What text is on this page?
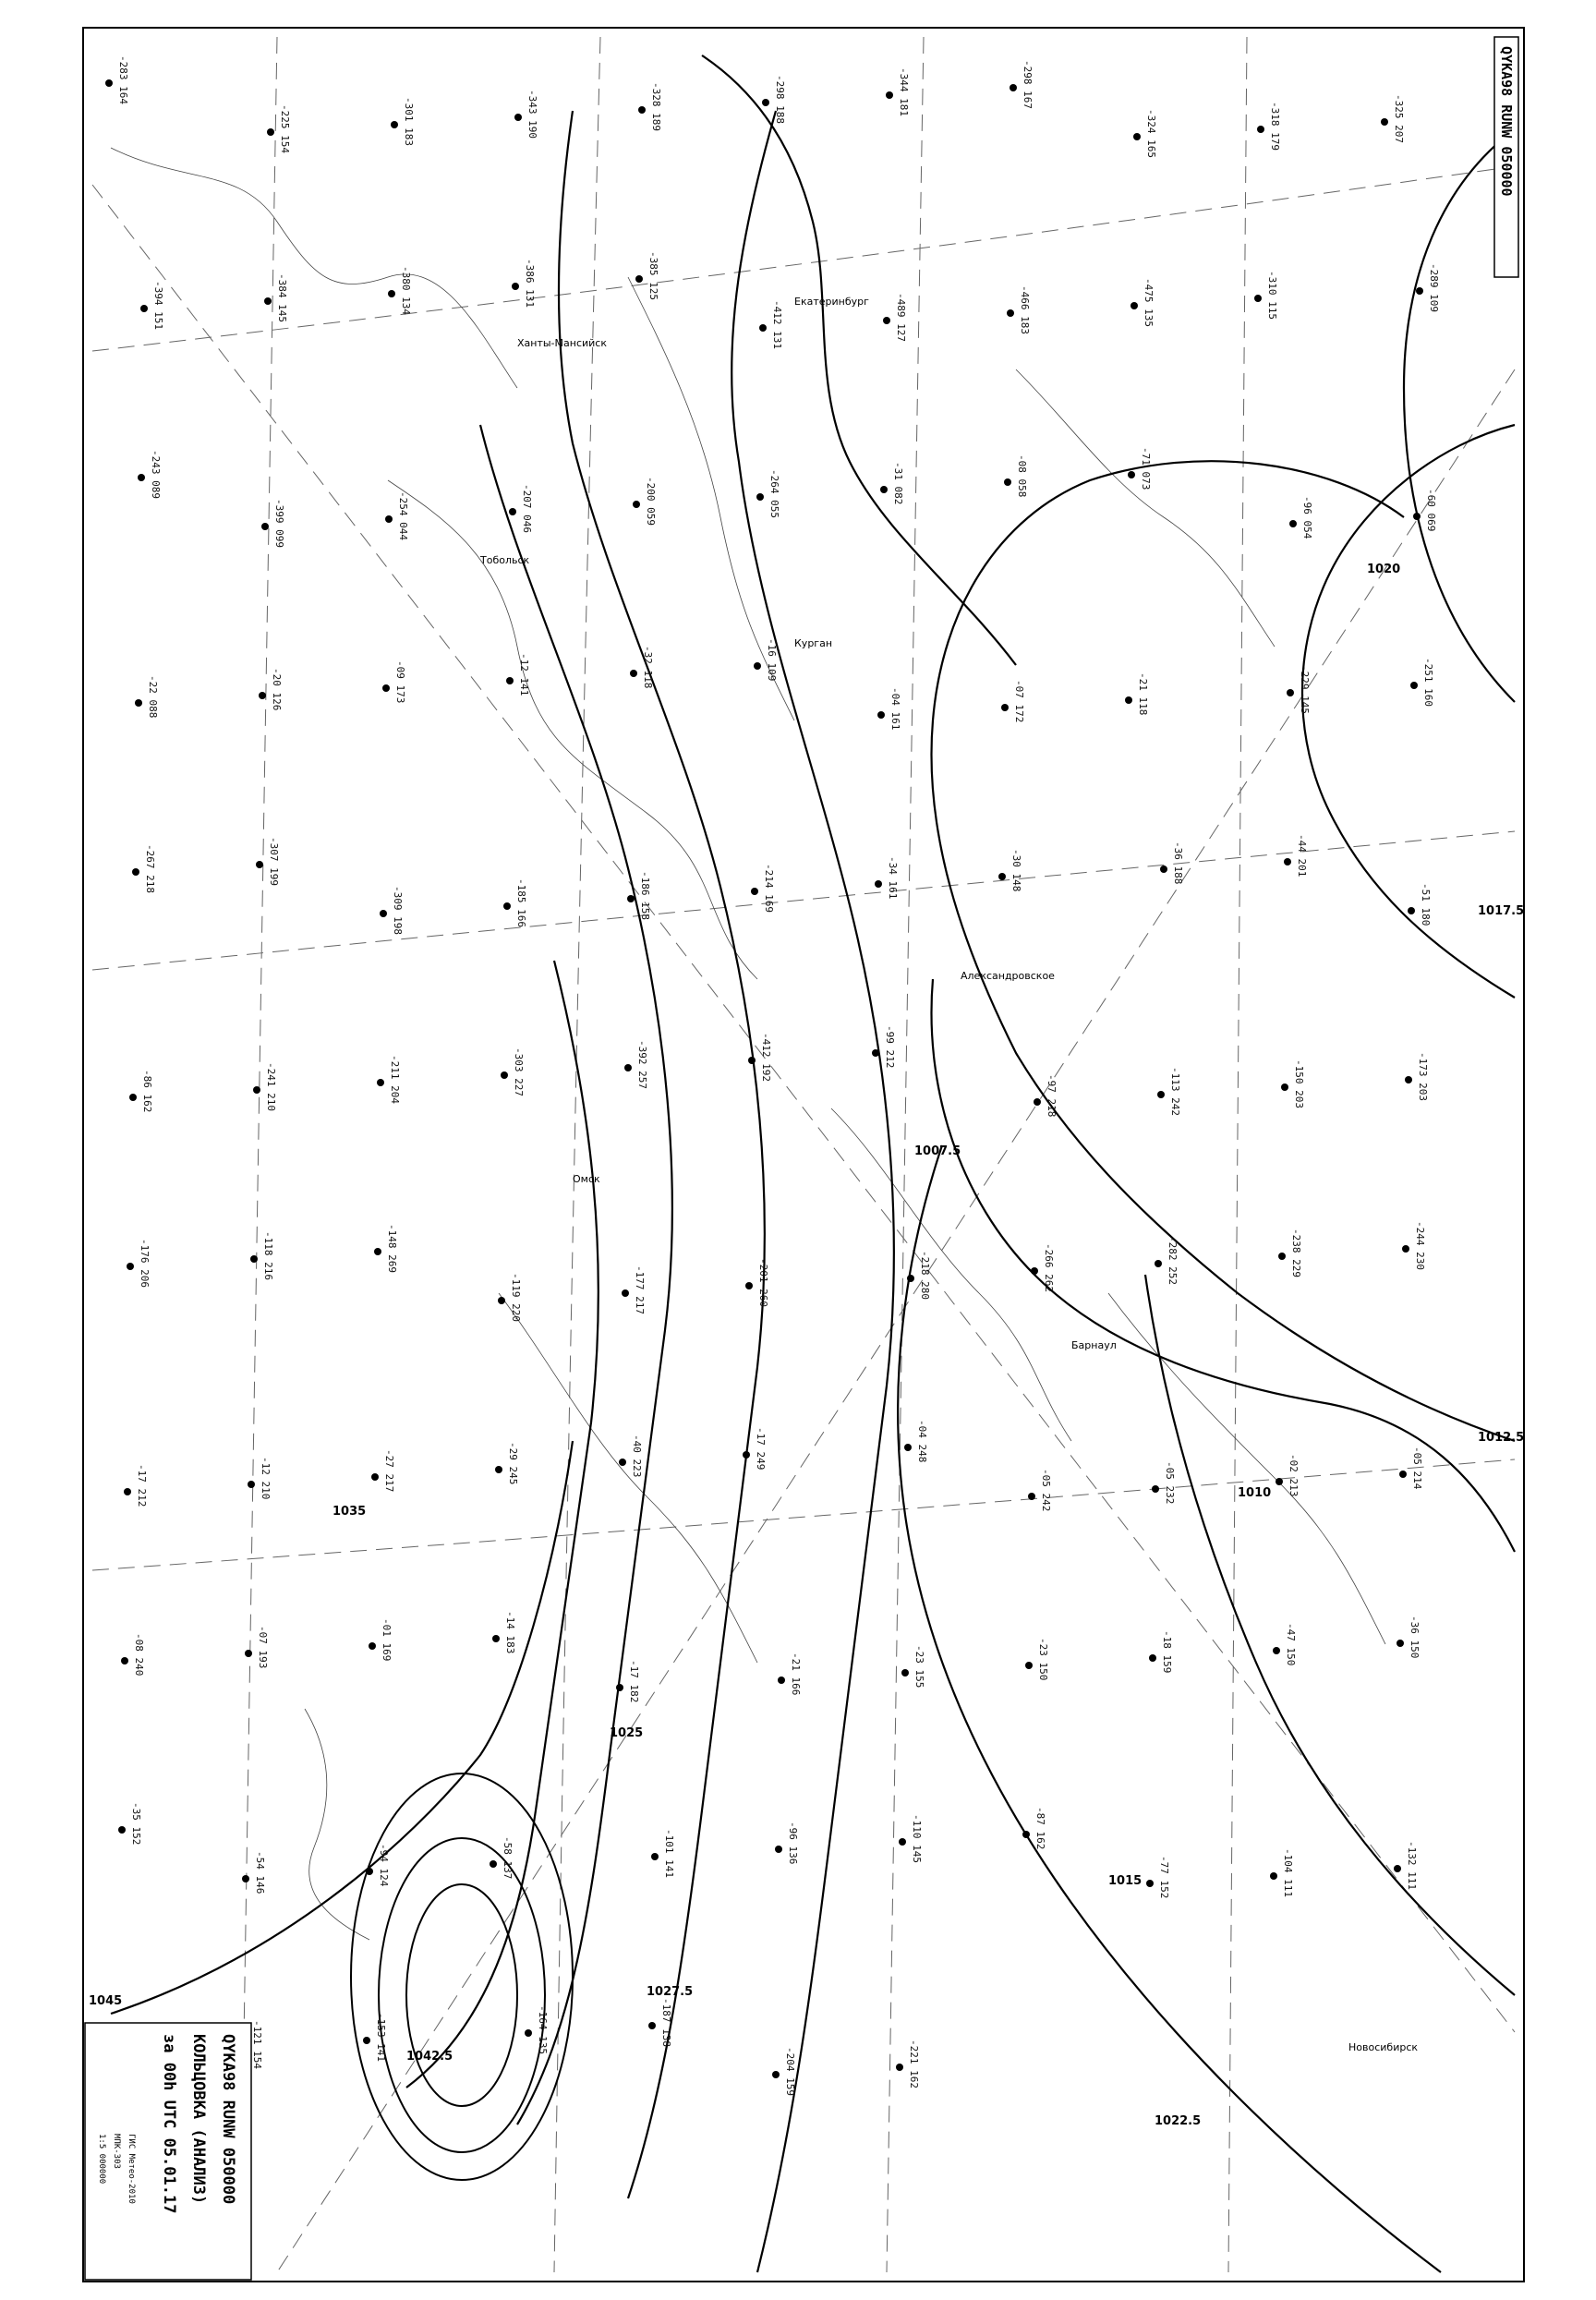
1045
1042.5
1035
1027.5
1025
1022.5
1020
1017.5
1015
1012.5
1010
1007.5
Екатеринбург
Ханты-Мансийск
Александровское
Тобольск
Курган
Омск
Новосибирск
Барнаул
-283 164
-225 154	-301 183	-343 190	-328 189	-298 188	-344 181	-298 167
-324 165	-318 179	-325 207
-394 151	-384 145	-380 134	-386 131	-385 125
-412 131	-489 127	-466 183	-475 135	-310 115	-289 109
-243 089
-399 099	-254 044	-207 046	-200 059	-264 055	-31 082	-08 058	-71 073
-96 054	-60 069
-22 088	-20 126	-09 173	-12 141	-32 118	-16 109
-04 161	-07 172	-21 118	-229 145	-251 160
-267 218	-307 199
-309 198	-185 166	-186 158	-214 169	-34 161	-30 148	-36 188	-44 201
-51 180
-86 162	-241 210	-211 204	-303 227	-392 257	-412 192	-99 212
-97 218	-113 242	-150 203	-173 203
-176 206	-118 216	-148 269
-119 220	-177 217	-201 260	-218 280	-266 262	-282 252	-238 229	-244 230
-17 212	-12 210	-27 217	-29 245	-40 223	-17 249	-04 248
-05 242	-05 232	-02 213	-05 214
-08 240	-07 193	-01 169	-14 183
-17 182	-21 166	-23 155	-23 150	-18 159	-47 150	-36 150
-35 152
-54 146	-94 124	-58 137	-101 141	-96 136	-110 145	-87 162
-77 152	-104 111	-132 111
-121 154	-153 141	-164 135	-187 138
-204 159	-221 162
QYKA98 RUNW 050000
QYKA98 RUNW 050000
КОЛЬЦОВКА (АНАЛИЗ)
за 00h UTC 05.01.17
ГИС Метео-2010
МПК-303
1:5 000000
